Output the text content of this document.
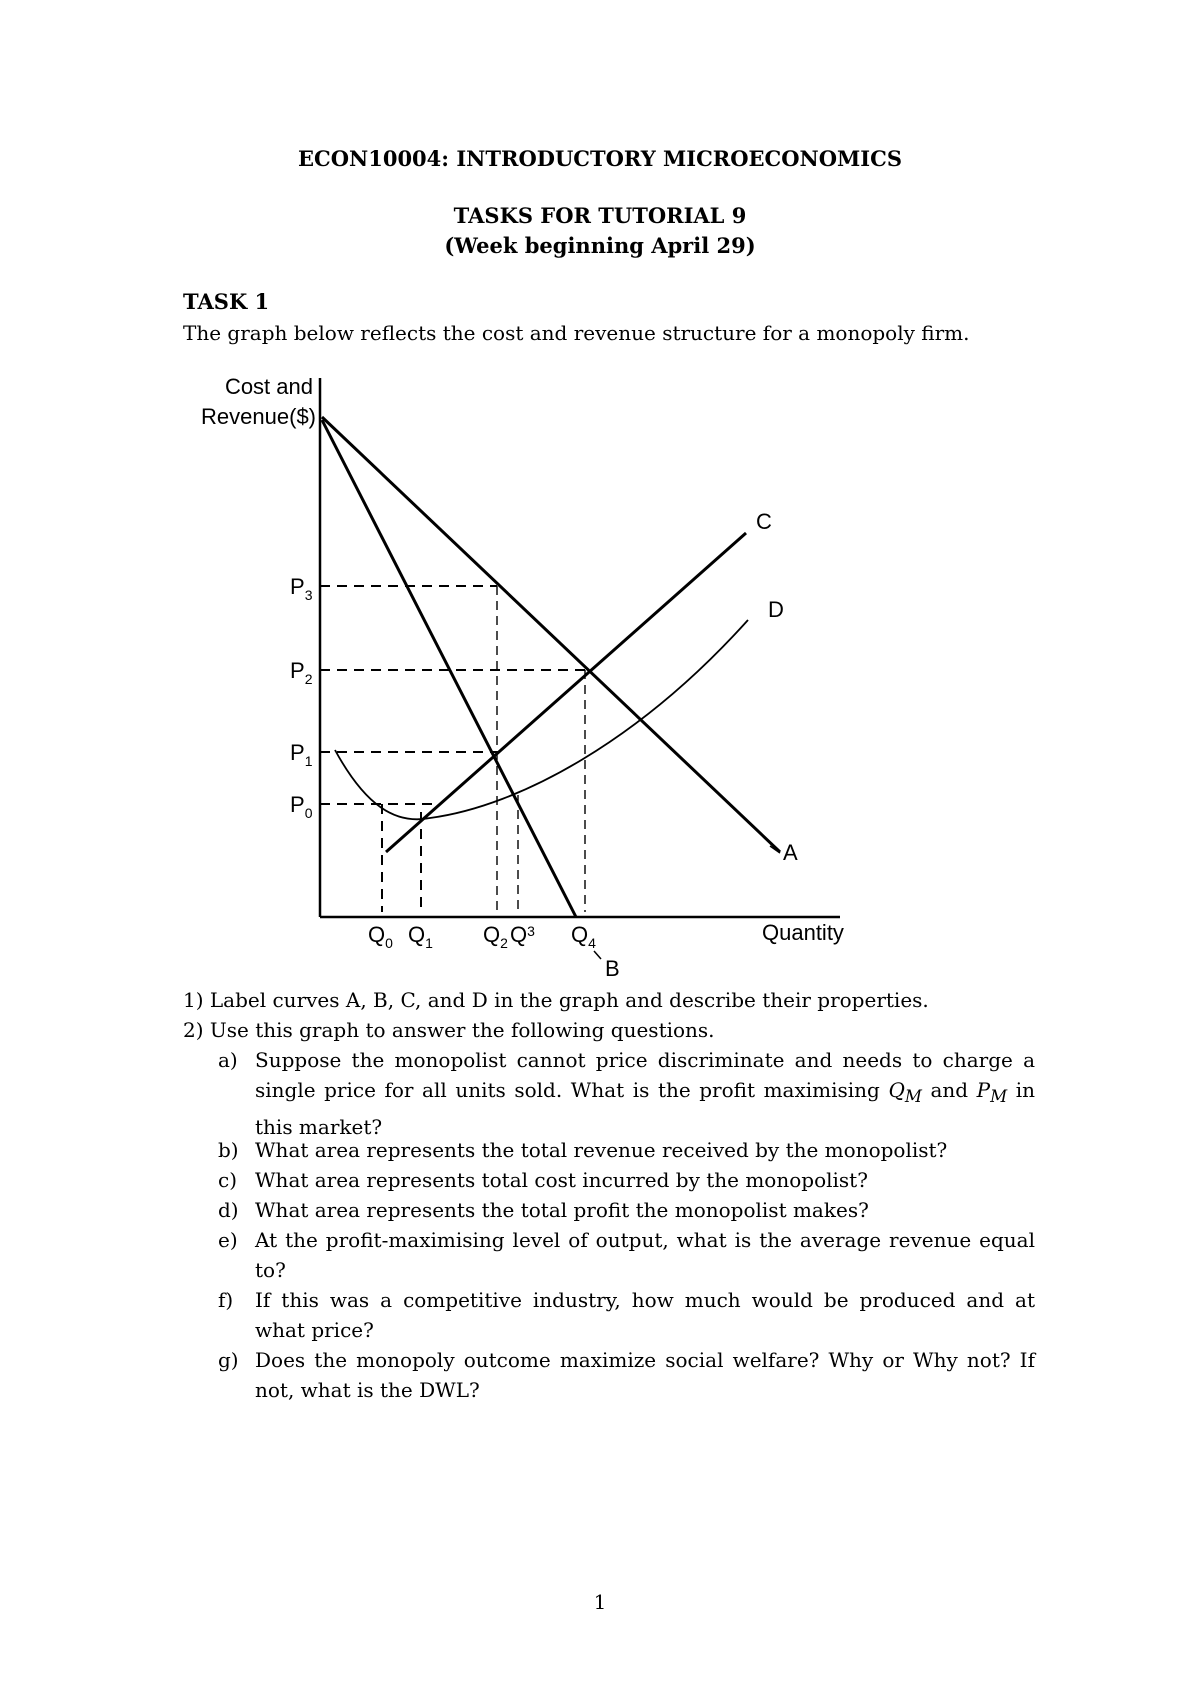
ECON10004: INTRODUCTORY MICROECONOMICS
TASKS FOR TUTORIAL 9
(Week beginning April 29)
TASK 1
The graph below reflects the cost and revenue structure for a monopoly firm.
Cost and
Revenue($)
Quantity
$P_3$
$P_2$
$P_1$
$P_0$
$Q_0$ $Q_1$ $Q_2$ $Q^3$ $Q_4$
A
B
C
D
1) Label curves A, B, C, and D in the graph and describe their properties.
2) Use this graph to answer the following questions.
a) Suppose the monopolist cannot price discriminate and needs to charge a single price for all units sold. What is the profit maximising $Q_M$ and $P_M$ in this market?
b) What area represents the total revenue received by the monopolist?
c) What area represents total cost incurred by the monopolist?
d) What area represents the total profit the monopolist makes?
e) At the profit-maximising level of output, what is the average revenue equal to?
f) If this was a competitive industry, how much would be produced and at what price?
g) Does the monopoly outcome maximize social welfare? Why or Why not? If not, what is the DWL?
1
